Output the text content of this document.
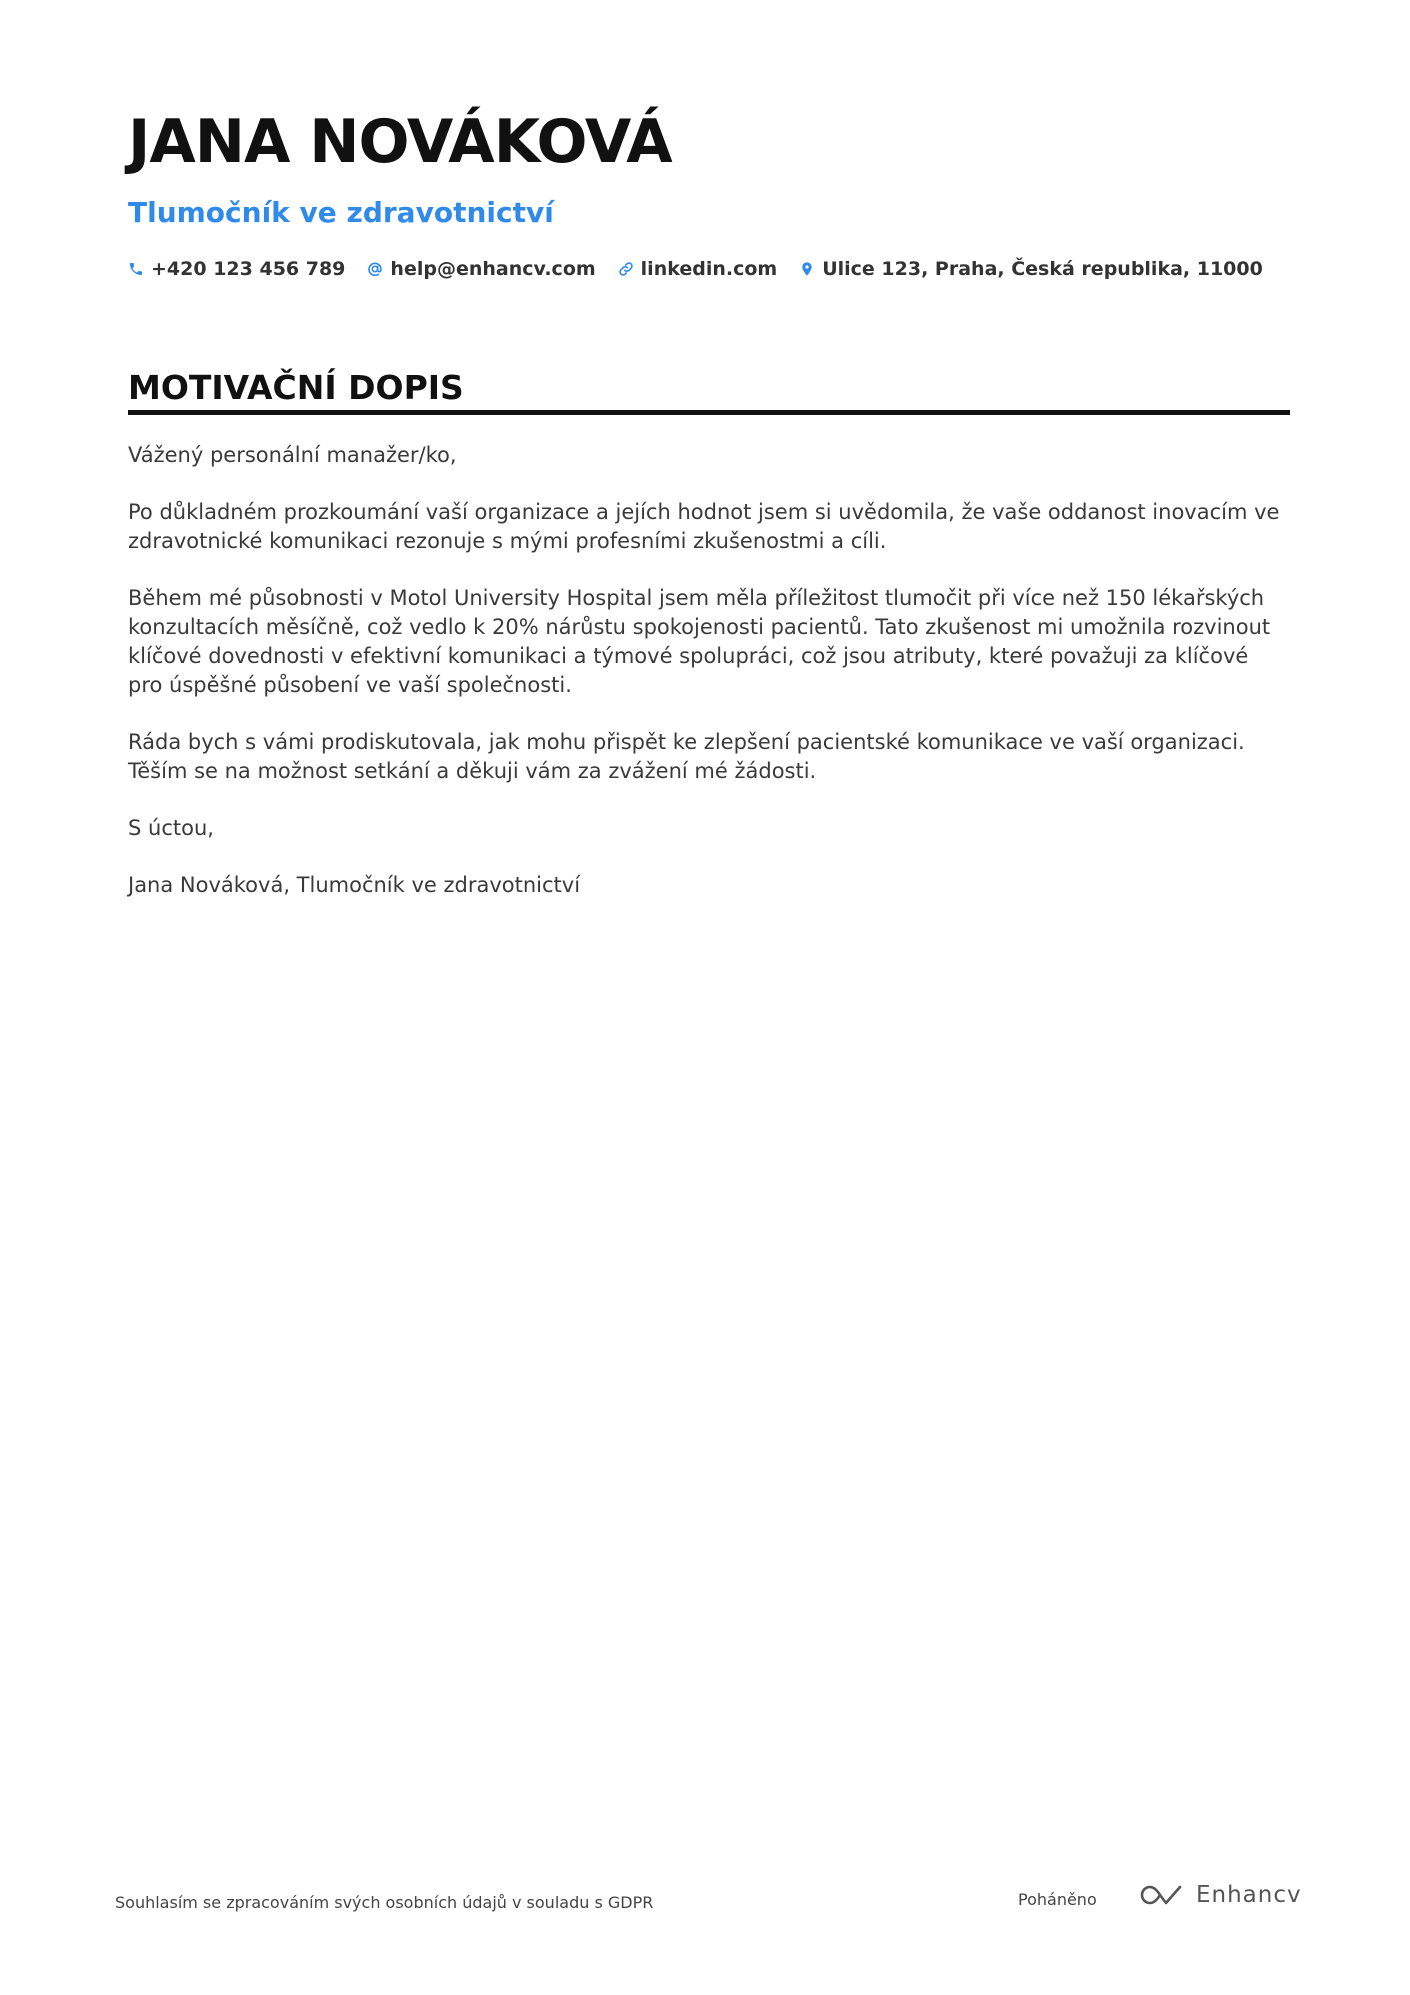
JANA NOVÁKOVÁ
Tlumočník ve zdravotnictví
+420 123 456 789 help@enhancv.com linkedin.com Ulice 123, Praha, Česká republika, 11000
MOTIVAČNÍ DOPIS

Vážený personální manažer/ko,

Po důkladném prozkoumání vaší organizace a jejích hodnot jsem si uvědomila, že vaše oddanost inovacím ve zdravotnické komunikaci rezonuje s mými profesními zkušenostmi a cíli.

Během mé působnosti v Motol University Hospital jsem měla příležitost tlumočit při více než 150 lékařských konzultacích měsíčně, což vedlo k 20% nárůstu spokojenosti pacientů. Tato zkušenost mi umožnila rozvinout klíčové dovednosti v efektivní komunikaci a týmové spolupráci, což jsou atributy, které považuji za klíčové pro úspěšné působení ve vaší společnosti.

Ráda bych s vámi prodiskutovala, jak mohu přispět ke zlepšení pacientské komunikace ve vaší organizaci. Těším se na možnost setkání a děkuji vám za zvážení mé žádosti.

S úctou,

Jana Nováková, Tlumočník ve zdravotnictví

Souhlasím se zpracováním svých osobních údajů v souladu s GDPR	Poháněno	Enhancv
